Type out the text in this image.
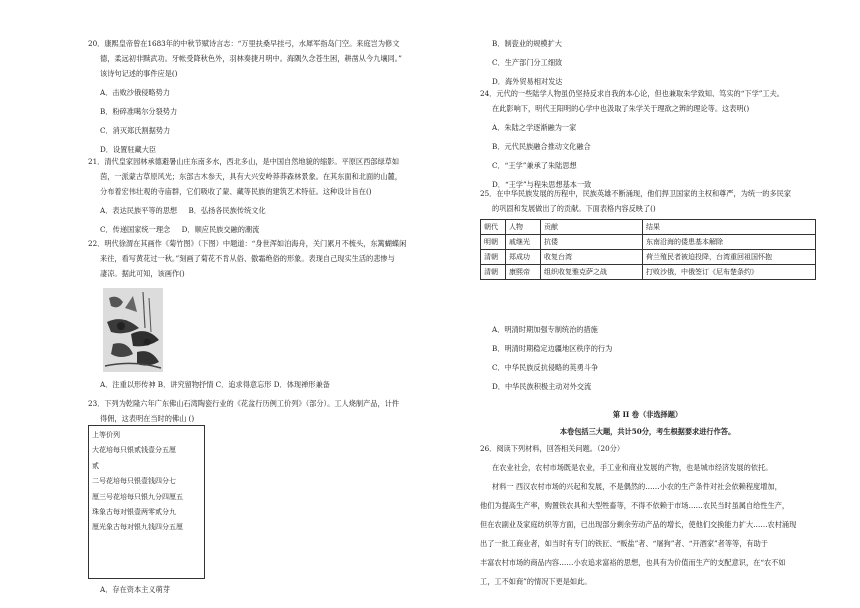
20．康熙皇帝曾在1683年的中秋节赋诗言志：“万里扶桑早挂弓，水犀军指岛门空。来庭岂为修文
德，柔远初非黩武功。牙帐受降秋色外，羽林奏捷月明中。海隅久念苍生困，耕凿从今九壤同。”
该诗句记述的事件应是()
A．击败沙俄侵略势力
B．粉碎准噶尔分裂势力
C．消灭郑氏割据势力
D．设置驻藏大臣
21．清代皇家园林承德避暑山庄东南多水，西北多山，是中国自然地貌的缩影。平原区西部绿草如
茵，一派蒙古草原风光；东部古木参天，具有大兴安岭莽莽森林景象。在其东面和北面的山麓，
分布着宏伟壮观的寺庙群，它们吸收了蒙、藏等民族的建筑艺术特征。这种设计旨在()
A．表达民族平等的思想 B．弘扬各民族传统文化
C．传递国家统一理念 D．顺应民族交融的潮流
22．明代徐渭在其画作《菊竹图》（下图）中题道：“身世浑如泊海舟，关门累月不梳头，东篱蝴蝶闲
来往，看写黄花过一秋。”刻画了菊花不肯从俗、傲霜绝俗的形象。表现自己现实生活的悲惨与
凄凉。据此可知，该画作()
A．注重以形传神 B．讲究留物抒情 C．追求得意忘形 D．体现禅形兼备
23．下列为乾隆六年广东佛山石湾陶瓷行业的《花盆行历例工价列》（部分）。工人烧制产品，计件
得佣，这表明在当时的佛山 ()
上等价列
大花培每只银贰钱壹分五厘
贰
二号花培每只银壹钱四分七
厘三号花培每只银九分四厘五
珠象古每对银壹两零贰分九
厘光象古每对银九钱四分五厘
A．存在资本主义萌芽
B．制瓷业的规模扩大
C．生产部门分工细致
D．海外贸易相对发达
24．元代的一些陆学人物虽仍坚持反求自我的本心论，但也兼取朱学致知、笃实的“下学”工夫。
在此影响下，明代王阳明的心学中也汲取了朱学关于理欲之辨的理论等。这表明()
A．朱陆之学逐渐融为一家
B．元代民族融合推动文化融合
C．“王学”兼承了朱陆思想
D．“王学”与程朱思想基本一致
25．在中华民族发展的历程中，民族英雄不断涌现，他们捍卫国家的主权和尊严，为统一的多民家
的巩固和发展做出了的贡献。下面表格内容反映了()
朝代	人物	贡献	结果
明朝	戚继光	抗倭	东南沿海的倭患基本解除
清朝	郑成功	收复台湾	荷兰殖民者被迫投降，台湾重回祖国怀抱
清朝	康熙帝	组织收复雅克萨之战	打败沙俄，中俄签订《尼布楚条约》
A．明清时期加强专制统治的措施
B．明清时期稳定边疆地区秩序的行为
C．中华民族反抗侵略的英勇斗争
D．中华民族积极主动对外交流
第 II 卷（非选择题）
本卷包括三大题，共计50分，考生根据要求进行作答。
26．阅读下列材料，回答相关问题。（20分）
在农业社会，农村市场既是农业，手工业和商业发展的产物，也是城市经济发展的依托。
材料一 西汉农村市场的兴起和发展，不是偶然的……小农的生产条件对社会依赖程度增加，
他们为提高生产率，购置铁农具和大型牲畜等，不得不依赖于市场……农民当时虽属自给性生产，
但在农副业及家庭纺织等方面，已出现部分剩余劳动产品的增长，使他们交换能力扩大……农村涌现
出了一批工商业者，如当时有专门的铁匠、“贩盐”者、“屠狗”者、“开酒家”者等等，有助于
丰富农村市场的商品内容……小农追求富裕的思想，也具有为价值而生产的支配意识，在“农不如
工，工不如商”的情况下更是如此。
